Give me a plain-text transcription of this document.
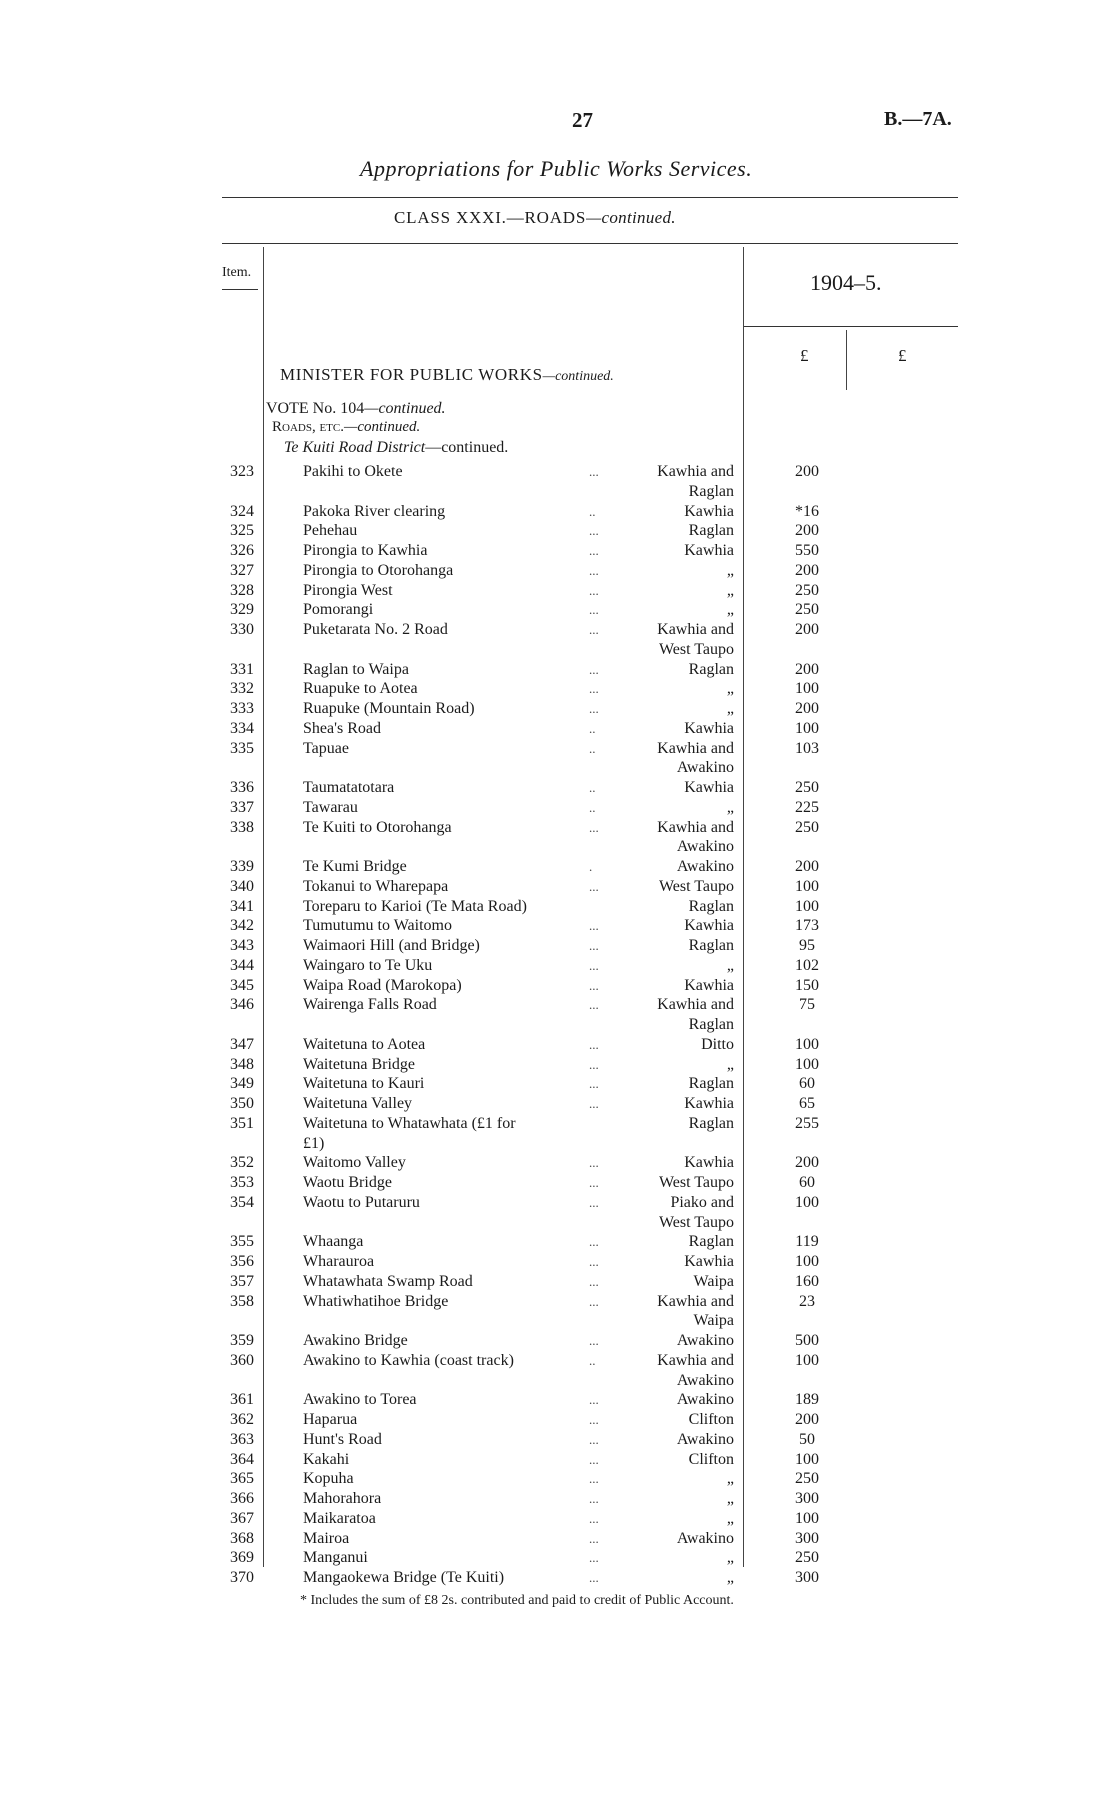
27	B.—7A.
Appropriations for Public Works Services.
CLASS XXXI.—ROADS—continued.
Item.	1904–5.
£	£
MINISTER FOR PUBLIC WORKS—continued.
VOTE No. 104—continued.
Roads, etc.—continued.
Te Kuiti Road District—continued.
323	Pakihi to Okete	...	Kawhia and	200
Raglan
324	Pakoka River clearing	..	Kawhia	*16
325	Pehehau	...	Raglan	200
326	Pirongia to Kawhia	...	Kawhia	550
327	Pirongia to Otorohanga	...	„	200
328	Pirongia West	...	„	250
329	Pomorangi	...	„	250
330	Puketarata No. 2 Road	...	Kawhia and	200
West Taupo
331	Raglan to Waipa	...	Raglan	200
332	Ruapuke to Aotea	...	„	100
333	Ruapuke (Mountain Road)	...	„	200
334	Shea's Road	..	Kawhia	100
335	Tapuae	..	Kawhia and	103
Awakino
336	Taumatatotara	..	Kawhia	250
337	Tawarau	..	„	225
338	Te Kuiti to Otorohanga	...	Kawhia and	250
Awakino
339	Te Kumi Bridge	.	Awakino	200
340	Tokanui to Wharepapa	...	West Taupo	100
341	Toreparu to Karioi (Te Mata Road)	Raglan	100
342	Tumutumu to Waitomo	...	Kawhia	173
343	Waimaori Hill (and Bridge)	...	Raglan	95
344	Waingaro to Te Uku	...	„	102
345	Waipa Road (Marokopa)	...	Kawhia	150
346	Wairenga Falls Road	...	Kawhia and	75
Raglan
347	Waitetuna to Aotea	...	Ditto	100
348	Waitetuna Bridge	...	„	100
349	Waitetuna to Kauri	...	Raglan	60
350	Waitetuna Valley	...	Kawhia	65
351	Waitetuna to Whatawhata (£1 for	Raglan	255
£1)
352	Waitomo Valley	...	Kawhia	200
353	Waotu Bridge	...	West Taupo	60
354	Waotu to Putaruru	...	Piako and	100
West Taupo
355	Whaanga	...	Raglan	119
356	Wharauroa	...	Kawhia	100
357	Whatawhata Swamp Road	...	Waipa	160
358	Whatiwhatihoe Bridge	...	Kawhia and	23
Waipa
359	Awakino Bridge	...	Awakino	500
360	Awakino to Kawhia (coast track)	..	Kawhia and	100
Awakino
361	Awakino to Torea	...	Awakino	189
362	Haparua	...	Clifton	200
363	Hunt's Road	...	Awakino	50
364	Kakahi	...	Clifton	100
365	Kopuha	...	„	250
366	Mahorahora	...	„	300
367	Maikaratoa	...	„	100
368	Mairoa	...	Awakino	300
369	Manganui	...	„	250
370	Mangaokewa Bridge (Te Kuiti)	...	„	300
* Includes the sum of £8 2s. contributed and paid to credit of Public Account.
